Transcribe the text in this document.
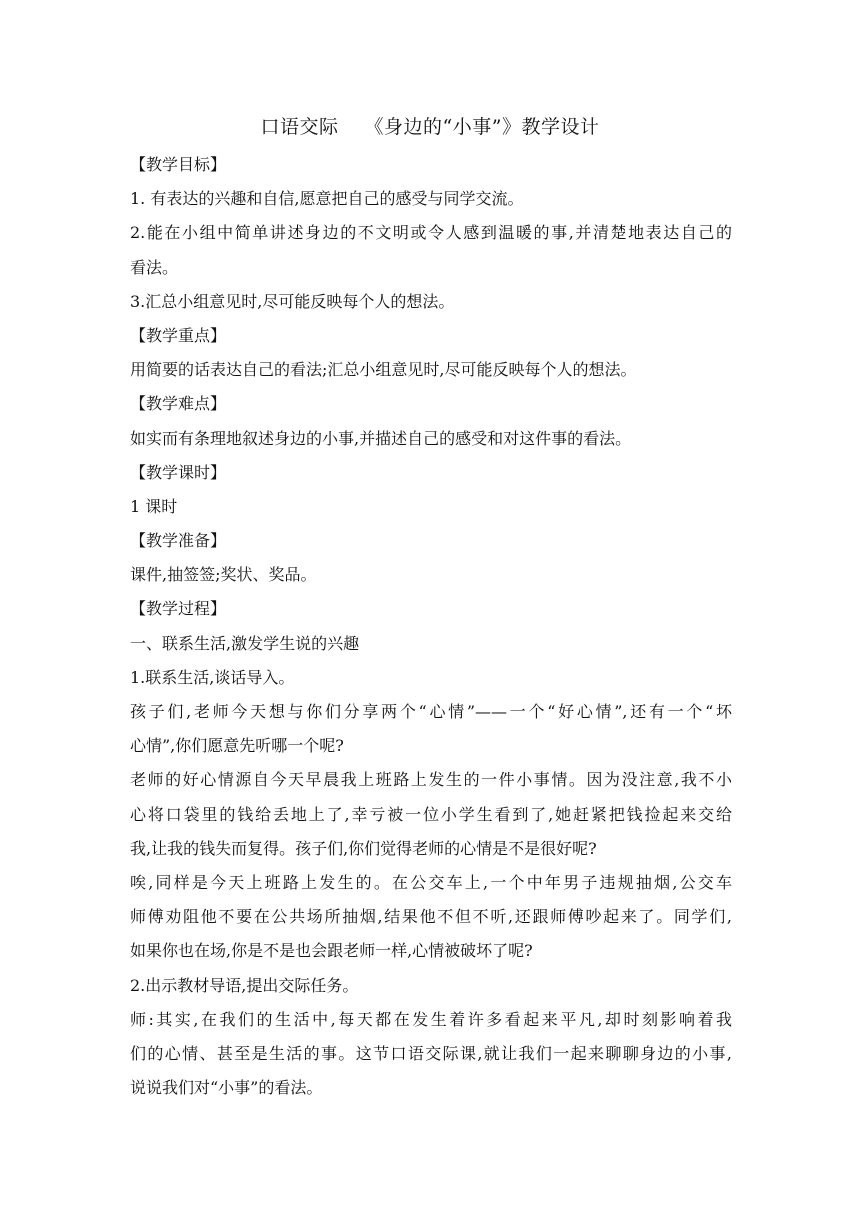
口语交际　 《身边的“小事”》教学设计
【教学目标】
1. 有表达的兴趣和自信,愿意把自己的感受与同学交流。
2.能在小组中简单讲述身边的不文明或令人感到温暖的事,并清楚地表达自己的
看法。
3.汇总小组意见时,尽可能反映每个人的想法。
【教学重点】
用简要的话表达自己的看法;汇总小组意见时,尽可能反映每个人的想法。
【教学难点】
如实而有条理地叙述身边的小事,并描述自己的感受和对这件事的看法。
【教学课时】
1 课时
【教学准备】
课件,抽签签;奖状、奖品。
【教学过程】
一、联系生活,激发学生说的兴趣
1.联系生活,谈话导入。
孩子们,老师今天想与你们分享两个“心情”——一个“好心情”,还有一个“坏
心情”,你们愿意先听哪一个呢?
老师的好心情源自今天早晨我上班路上发生的一件小事情。因为没注意,我不小
心将口袋里的钱给丢地上了,幸亏被一位小学生看到了,她赶紧把钱捡起来交给
我,让我的钱失而复得。孩子们,你们觉得老师的心情是不是很好呢?
唉,同样是今天上班路上发生的。在公交车上,一个中年男子违规抽烟,公交车
师傅劝阻他不要在公共场所抽烟,结果他不但不听,还跟师傅吵起来了。同学们,
如果你也在场,你是不是也会跟老师一样,心情被破坏了呢?
2.出示教材导语,提出交际任务。
师:其实,在我们的生活中,每天都在发生着许多看起来平凡,却时刻影响着我
们的心情、甚至是生活的事。这节口语交际课,就让我们一起来聊聊身边的小事,
说说我们对“小事”的看法。
